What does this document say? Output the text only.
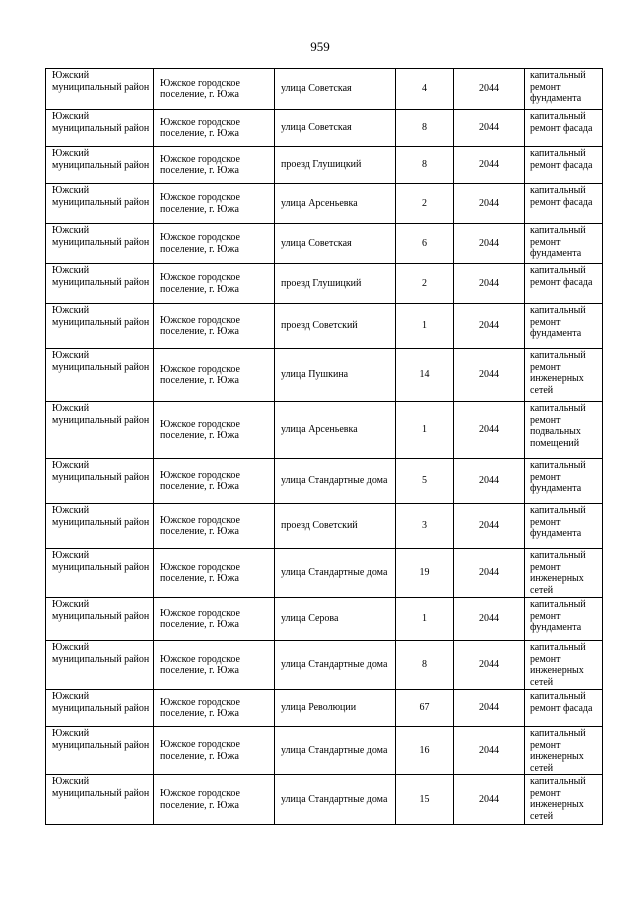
959
Южский муниципальный район	Южское городское поселение, г. Южа	улица Советская	4	2044	капитальный ремонт фундамента

Южский муниципальный район	Южское городское поселение, г. Южа	улица Советская	8	2044	капитальный ремонт фасада

Южский муниципальный район	Южское городское поселение, г. Южа	проезд Глушицкий	8	2044	капитальный ремонт фасада

Южский муниципальный район	Южское городское поселение, г. Южа	улица Арсеньевка	2	2044	капитальный ремонт фасада

Южский муниципальный район	Южское городское поселение, г. Южа	улица Советская	6	2044	капитальный ремонт фундамента

Южский муниципальный район	Южское городское поселение, г. Южа	проезд Глушицкий	2	2044	капитальный ремонт фасада

Южский муниципальный район	Южское городское поселение, г. Южа	проезд Советский	1	2044	капитальный ремонт фундамента

Южский муниципальный район	Южское городское поселение, г. Южа	улица Пушкина	14	2044	капитальный ремонт инженерных сетей

Южский муниципальный район	Южское городское поселение, г. Южа	улица Арсеньевка	1	2044	капитальный ремонт подвальных помещений

Южский муниципальный район	Южское городское поселение, г. Южа	улица Стандартные дома	5	2044	капитальный ремонт фундамента

Южский муниципальный район	Южское городское поселение, г. Южа	проезд Советский	3	2044	капитальный ремонт фундамента

Южский муниципальный район	Южское городское поселение, г. Южа	улица Стандартные дома	19	2044	капитальный ремонт инженерных сетей

Южский муниципальный район	Южское городское поселение, г. Южа	улица Серова	1	2044	капитальный ремонт фундамента

Южский муниципальный район	Южское городское поселение, г. Южа	улица Стандартные дома	8	2044	капитальный ремонт инженерных сетей

Южский муниципальный район	Южское городское поселение, г. Южа	улица Революции	67	2044	капитальный ремонт фасада

Южский муниципальный район	Южское городское поселение, г. Южа	улица Стандартные дома	16	2044	капитальный ремонт инженерных сетей

Южский муниципальный район	Южское городское поселение, г. Южа	улица Стандартные дома	15	2044	капитальный ремонт инженерных сетей
